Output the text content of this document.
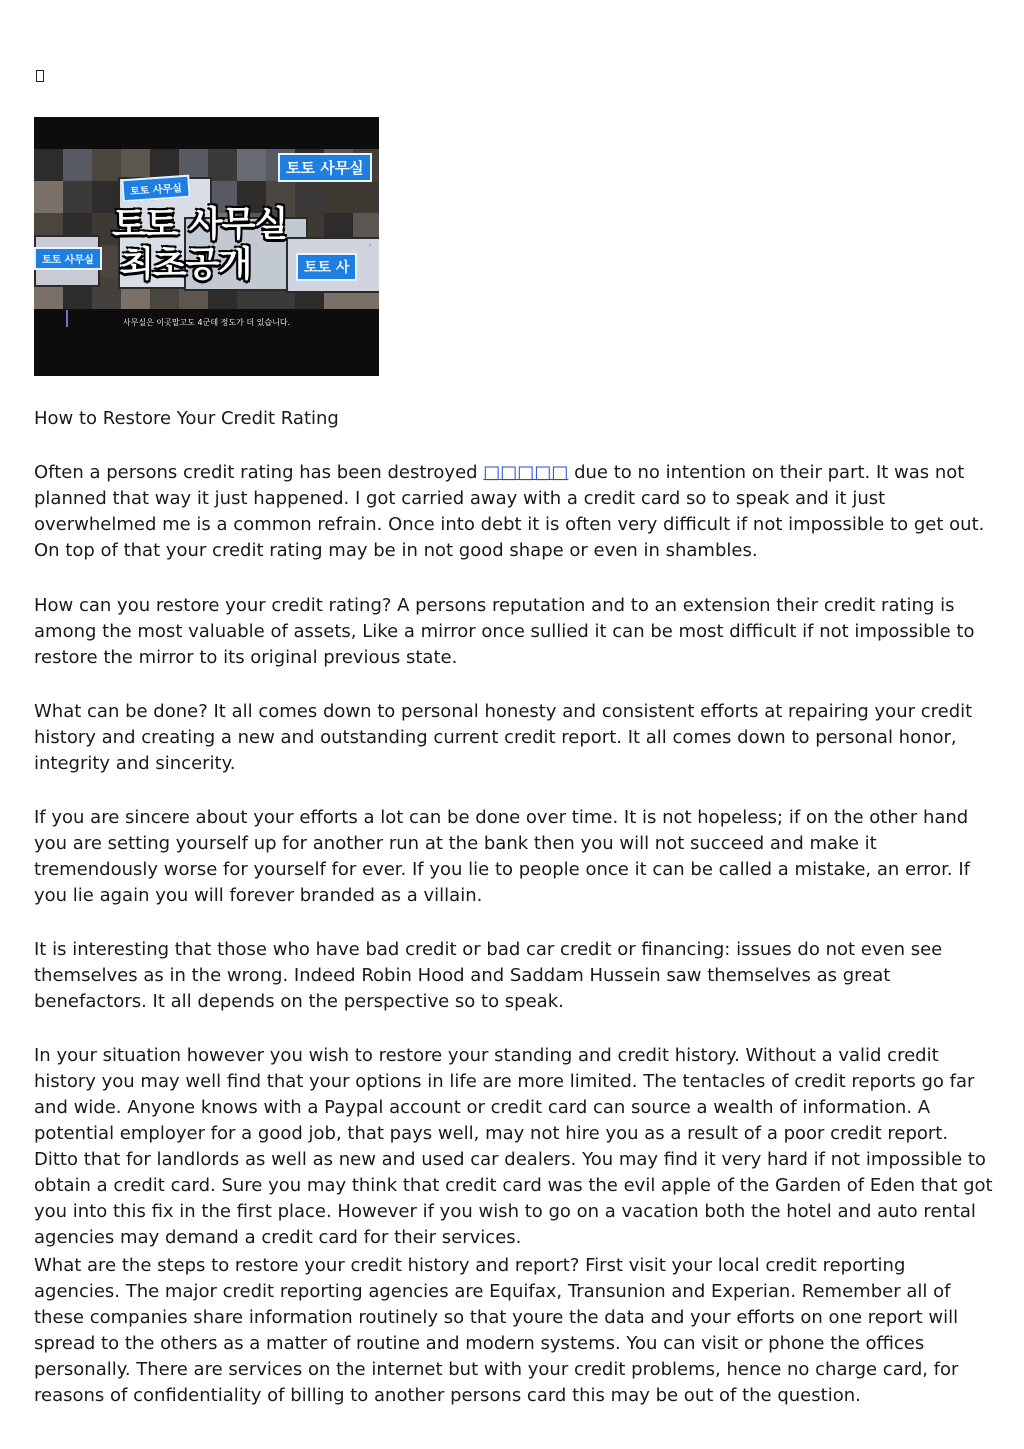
토토 사무실
토토 사무실
토토 사무실	토토 사
토토 사무실
최초공개
사무실은 이곳말고도 4군데 정도가 더 있습니다.
›
How to Restore Your Credit Rating

Often a persons credit rating has been destroyed □□□□□ due to no intention on their part. It was not planned that way it just happened. I got carried away with a credit card so to speak and it just overwhelmed me is a common refrain. Once into debt it is often very difficult if not impossible to get out. On top of that your credit rating may be in not good shape or even in shambles.

How can you restore your credit rating? A persons reputation and to an extension their credit rating is among the most valuable of assets, Like a mirror once sullied it can be most difficult if not impossible to restore the mirror to its original previous state.

What can be done? It all comes down to personal honesty and consistent efforts at repairing your credit history and creating a new and outstanding current credit report. It all comes down to personal honor, integrity and sincerity.

If you are sincere about your efforts a lot can be done over time. It is not hopeless; if on the other hand you are setting yourself up for another run at the bank then you will not succeed and make it tremendously worse for yourself for ever. If you lie to people once it can be called a mistake, an error. If you lie again you will forever branded as a villain.

It is interesting that those who have bad credit or bad car credit or financing: issues do not even see themselves as in the wrong. Indeed Robin Hood and Saddam Hussein saw themselves as great benefactors. It all depends on the perspective so to speak.

In your situation however you wish to restore your standing and credit history. Without a valid credit history you may well find that your options in life are more limited. The tentacles of credit reports go far and wide. Anyone knows with a Paypal account or credit card can source a wealth of information. A potential employer for a good job, that pays well, may not hire you as a result of a poor credit report. Ditto that for landlords as well as new and used car dealers. You may find it very hard if not impossible to obtain a credit card. Sure you may think that credit card was the evil apple of the Garden of Eden that got you into this fix in the first place. However if you wish to go on a vacation both the hotel and auto rental agencies may demand a credit card for their services.

What are the steps to restore your credit history and report? First visit your local credit reporting agencies. The major credit reporting agencies are Equifax, Transunion and Experian. Remember all of these companies share information routinely so that youre the data and your efforts on one report will spread to the others as a matter of routine and modern systems. You can visit or phone the offices personally. There are services on the internet but with your credit problems, hence no charge card, for reasons of confidentiality of billing to another persons card this may be out of the question.
